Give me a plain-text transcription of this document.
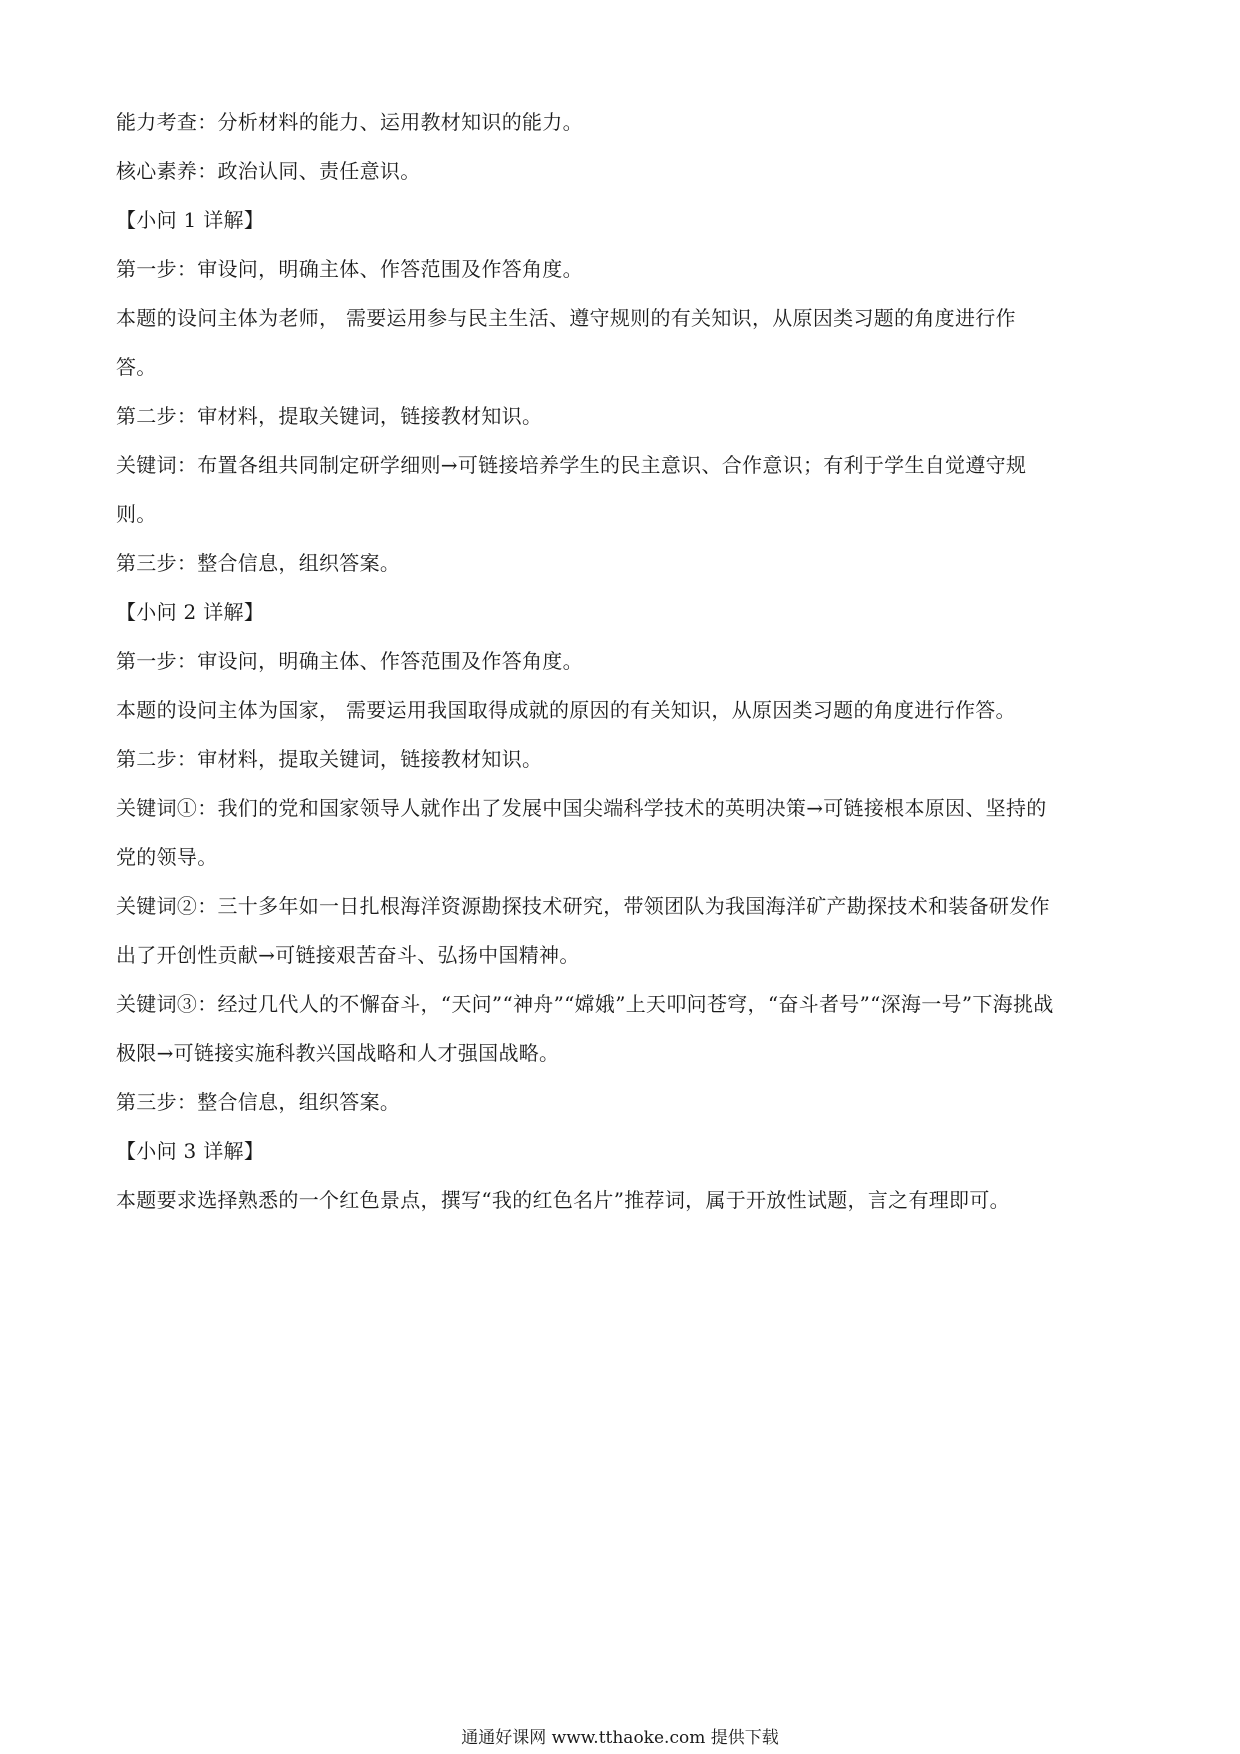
能力考查：分析材料的能力、运用教材知识的能力。
核心素养：政治认同、责任意识。
【小问 1 详解】
第一步：审设问，明确主体、作答范围及作答角度。
本题的设问主体为老师， 需要运用参与民主生活、遵守规则的有关知识，从原因类习题的角度进行作
答。
第二步：审材料，提取关键词，链接教材知识。
关键词：布置各组共同制定研学细则→可链接培养学生的民主意识、合作意识；有利于学生自觉遵守规
则。
第三步：整合信息，组织答案。
【小问 2 详解】
第一步：审设问，明确主体、作答范围及作答角度。
本题的设问主体为国家， 需要运用我国取得成就的原因的有关知识，从原因类习题的角度进行作答。
第二步：审材料，提取关键词，链接教材知识。
关键词①：我们的党和国家领导人就作出了发展中国尖端科学技术的英明决策→可链接根本原因、坚持的
党的领导。
关键词②：三十多年如一日扎根海洋资源勘探技术研究，带领团队为我国海洋矿产勘探技术和装备研发作
出了开创性贡献→可链接艰苦奋斗、弘扬中国精神。
关键词③：经过几代人的不懈奋斗，“天问”“神舟”“嫦娥”上天叩问苍穹，“奋斗者号”“深海一号”下海挑战
极限→可链接实施科教兴国战略和人才强国战略。
第三步：整合信息，组织答案。
【小问 3 详解】
本题要求选择熟悉的一个红色景点，撰写“我的红色名片”推荐词，属于开放性试题，言之有理即可。
通通好课网 www.tthaoke.com 提供下载
